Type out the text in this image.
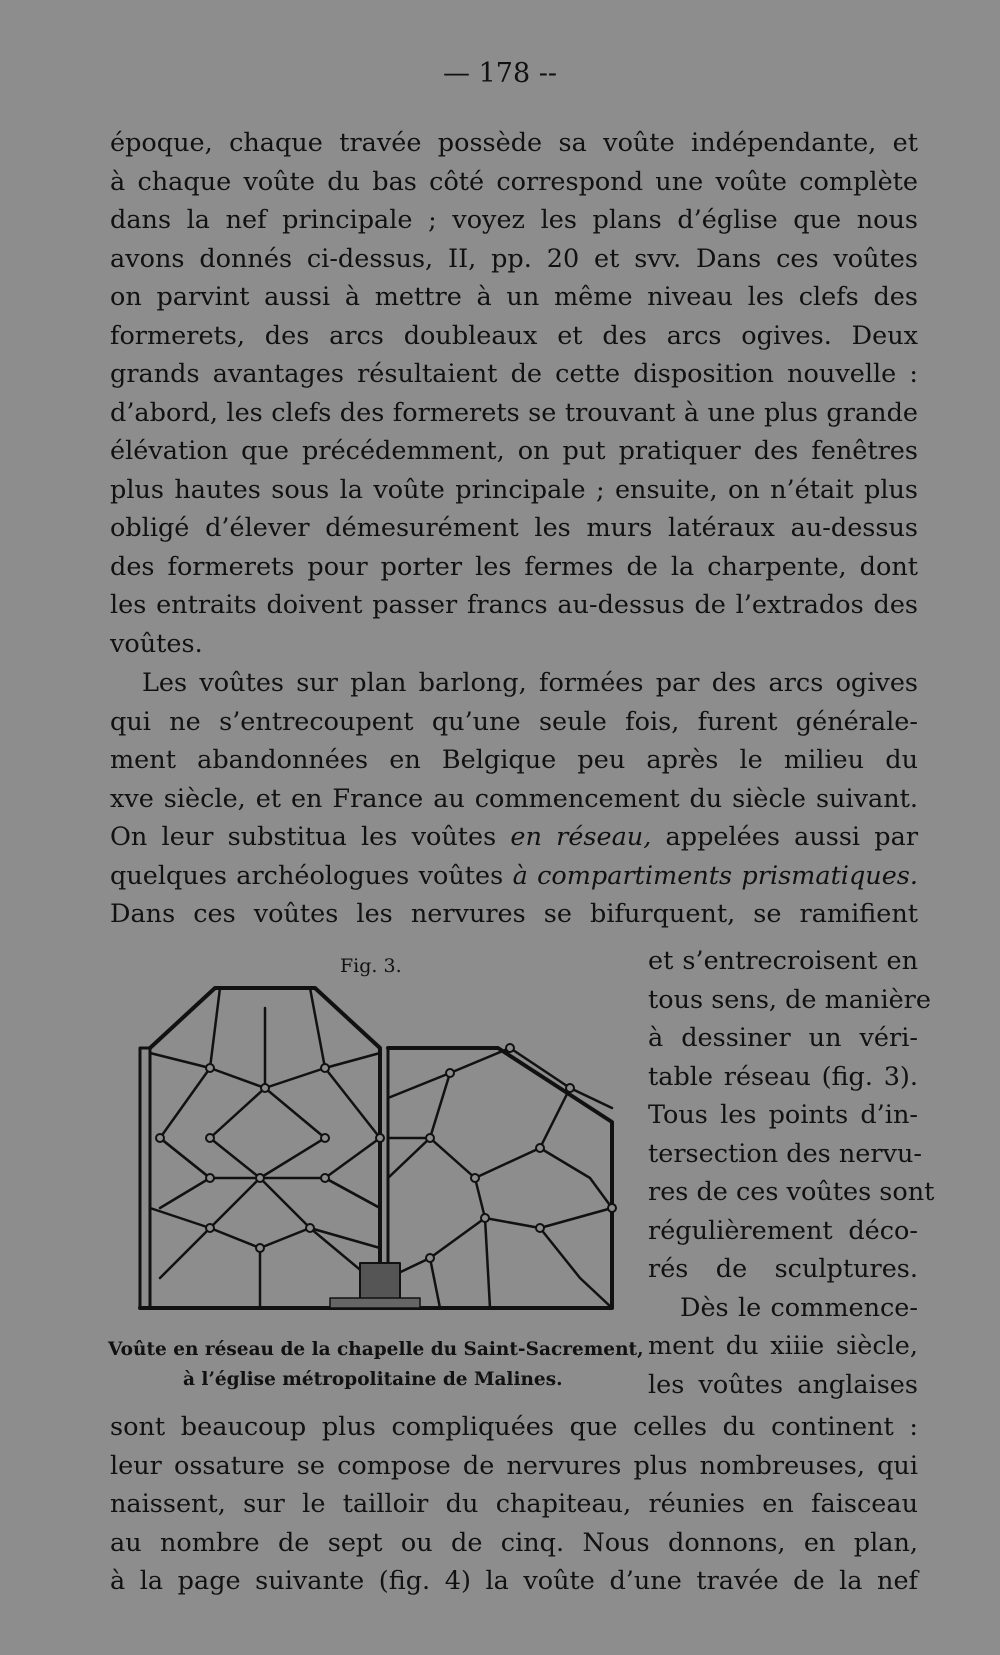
— 178 --
époque, chaque travée possède sa voûte indépendante, et
à chaque voûte du bas côté correspond une voûte complète
dans la nef principale ; voyez les plans d’église que nous
avons donnés ci-dessus, II, pp. 20 et svv. Dans ces voûtes
on parvint aussi à mettre à un même niveau les clefs des
formerets, des arcs doubleaux et des arcs ogives. Deux
grands avantages résultaient de cette disposition nouvelle :
d’abord, les clefs des formerets se trouvant à une plus grande
élévation que précédemment, on put pratiquer des fenêtres
plus hautes sous la voûte principale ; ensuite, on n’était plus
obligé d’élever démesurément les murs latéraux au-dessus
des formerets pour porter les fermes de la charpente, dont
les entraits doivent passer francs au-dessus de l’extrados des
voûtes.
Les voûtes sur plan barlong, formées par des arcs ogives
qui ne s’entrecoupent qu’une seule fois, furent générale-
ment abandonnées en Belgique peu après le milieu du
xve siècle, et en France au commencement du siècle suivant.
On leur substitua les voûtes en réseau, appelées aussi par
quelques archéologues voûtes à compartiments prismatiques.
Dans ces voûtes les nervures se bifurquent, se ramifient
Fig. 3.
Voûte en réseau de la chapelle du Saint-Sacrement,
à l’église métropolitaine de Malines.
et s’entrecroisent en
tous sens, de manière
à dessiner un véri-
table réseau (fig. 3).
Tous les points d’in-
tersection des nervu-
res de ces voûtes sont
régulièrement déco-
rés de sculptures.
Dès le commence-
ment du xiiie siècle,
les voûtes anglaises
sont beaucoup plus compliquées que celles du continent :
leur ossature se compose de nervures plus nombreuses, qui
naissent, sur le tailloir du chapiteau, réunies en faisceau
au nombre de sept ou de cinq. Nous donnons, en plan,
à la page suivante (fig. 4) la voûte d’une travée de la nef
